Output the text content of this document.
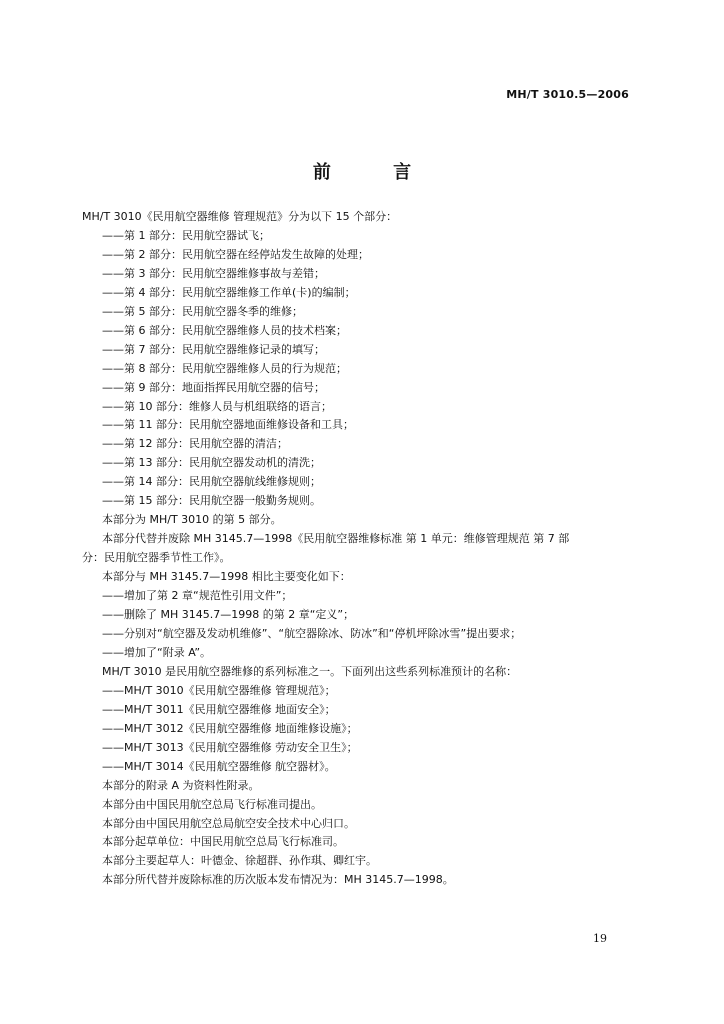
MH/T 3010.5—2006
前 言
MH/T 3010《民用航空器维修 管理规范》分为以下 15 个部分：
——第 1 部分：民用航空器试飞；
——第 2 部分：民用航空器在经停站发生故障的处理；
——第 3 部分：民用航空器维修事故与差错；
——第 4 部分：民用航空器维修工作单(卡)的编制；
——第 5 部分：民用航空器冬季的维修；
——第 6 部分：民用航空器维修人员的技术档案；
——第 7 部分：民用航空器维修记录的填写；
——第 8 部分：民用航空器维修人员的行为规范；
——第 9 部分：地面指挥民用航空器的信号；
——第 10 部分：维修人员与机组联络的语言；
——第 11 部分：民用航空器地面维修设备和工具；
——第 12 部分：民用航空器的清洁；
——第 13 部分：民用航空器发动机的清洗；
——第 14 部分：民用航空器航线维修规则；
——第 15 部分：民用航空器一般勤务规则。
本部分为 MH/T 3010 的第 5 部分。
本部分代替并废除 MH 3145.7—1998《民用航空器维修标准 第 1 单元：维修管理规范 第 7 部
分：民用航空器季节性工作》。
本部分与 MH 3145.7—1998 相比主要变化如下：
——增加了第 2 章“规范性引用文件”；
——删除了 MH 3145.7—1998 的第 2 章“定义”；
——分别对“航空器及发动机维修”、“航空器除冰、防冰”和“停机坪除冰雪”提出要求；
——增加了“附录 A”。
MH/T 3010 是民用航空器维修的系列标准之一。下面列出这些系列标准预计的名称：
——MH/T 3010《民用航空器维修 管理规范》；
——MH/T 3011《民用航空器维修 地面安全》；
——MH/T 3012《民用航空器维修 地面维修设施》；
——MH/T 3013《民用航空器维修 劳动安全卫生》；
——MH/T 3014《民用航空器维修 航空器材》。
本部分的附录 A 为资料性附录。
本部分由中国民用航空总局飞行标准司提出。
本部分由中国民用航空总局航空安全技术中心归口。
本部分起草单位：中国民用航空总局飞行标准司。
本部分主要起草人：叶德金、徐超群、孙作琪、卿红宇。
本部分所代替并废除标准的历次版本发布情况为：MH 3145.7—1998。
19
